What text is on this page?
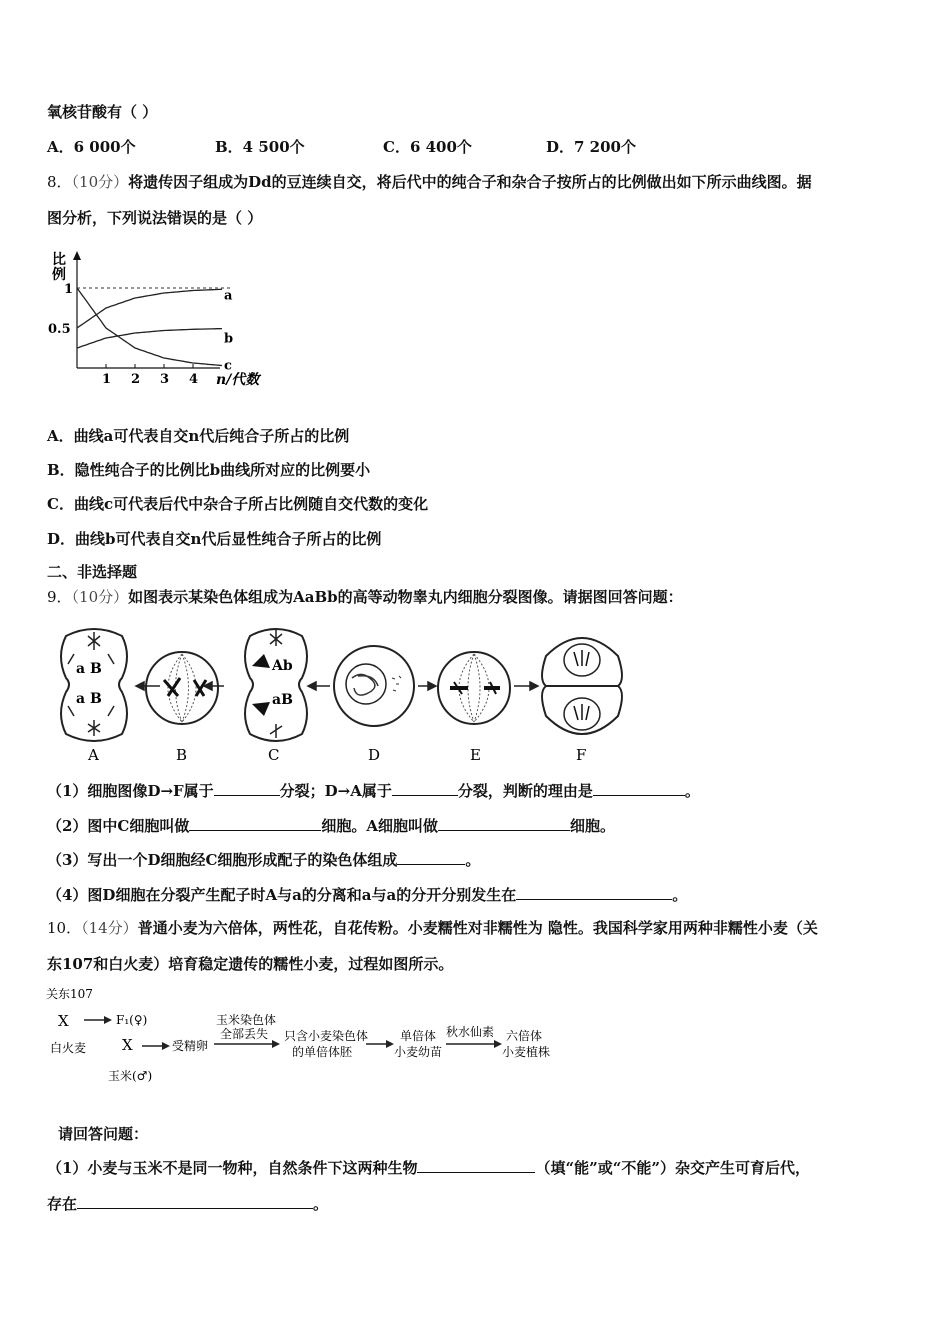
氧核苷酸有（ ）
A．6 000个	B．4 500个	C．6 400个	D．7 200个
8．（10分）将遗传因子组成为Dd的豆连续自交，将后代中的纯合子和杂合子按所占的比例做出如下所示曲线图。据
图分析，下列说法错误的是（ ）
比
例
1 2 3 4
1
0.5
a
b
c
n/代数
A．曲线a可代表自交n代后纯合子所占的比例
B．隐性纯合子的比例比b曲线所对应的比例要小
C．曲线c可代表后代中杂合子所占比例随自交代数的变化
D．曲线b可代表自交n代后显性纯合子所占的比例
二、非选择题
9．（10分）如图表示某染色体组成为AaBb的高等动物睾丸内细胞分裂图像。请据图回答问题：
a B
a B
Ab
aB
A	B	C	D	E	F
（1）细胞图像D→F属于	分裂；D→A属于	分裂，判断的理由是	。
（2）图中C细胞叫做	细胞。A细胞叫做	细胞。
（3）写出一个D细胞经C细胞形成配子的染色体组成	。
（4）图D细胞在分裂产生配子时A与a的分离和a与a的分开分别发生在	。
10．（14分）普通小麦为六倍体，两性花，自花传粉。小麦糯性对非糯性为 隐性。我国科学家用两种非糯性小麦（关
东107和白火麦）培育稳定遗传的糯性小麦，过程如图所示。
关东107
X
白火麦
F₁(♀)
X
玉米(♂)
受精卵
玉米染色体
全部丢失 只含小麦染色体
的单倍体胚
单倍体
小麦幼苗
秋水仙素 六倍体
小麦植株
请回答问题：
（1）小麦与玉米不是同一物种，自然条件下这两种生物	（填“能”或“不能”）杂交产生可育后代，
存在	。
